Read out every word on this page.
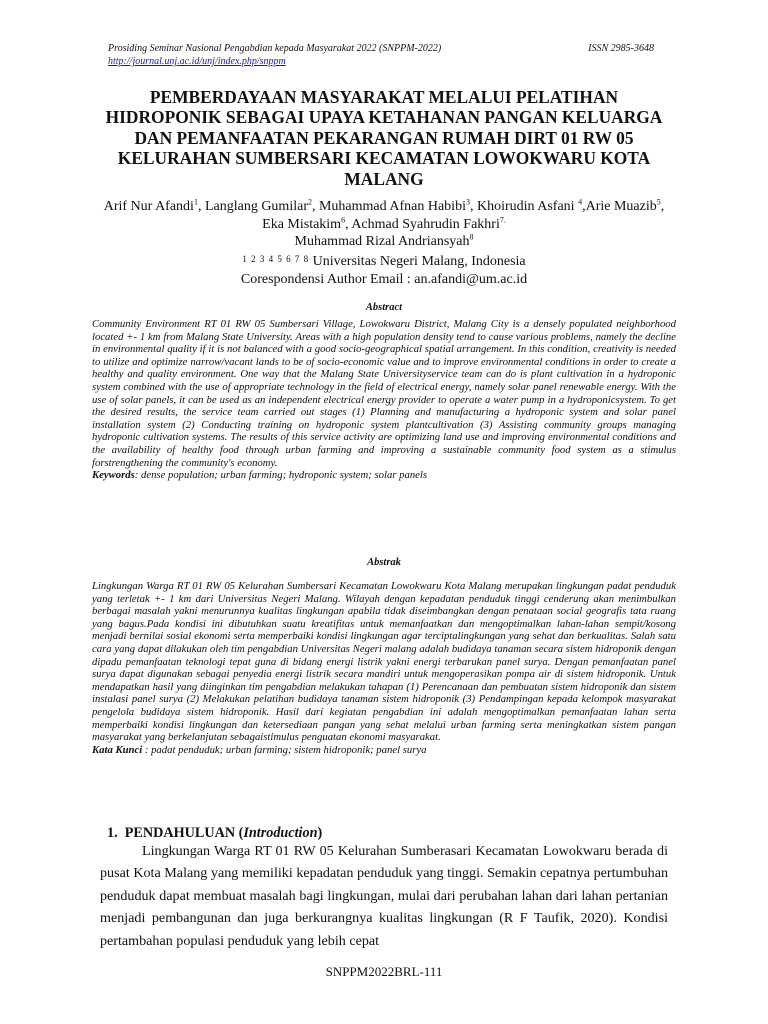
Prosiding Seminar Nasional Pengabdian kepada Masyarakat 2022 (SNPPM-2022)	ISSN 2985-3648
http://journal.unj.ac.id/unj/index.php/snppm
PEMBERDAYAAN MASYARAKAT MELALUI PELATIHAN HIDROPONIK SEBAGAI UPAYA KETAHANAN PANGAN KELUARGA DAN PEMANFAATAN PEKARANGAN RUMAH DIRT 01 RW 05 KELURAHAN SUMBERSARI KECAMATAN LOWOKWARU KOTA MALANG
Arif Nur Afandi$^1$, Langlang Gumilar$^2$, Muhammad Afnan Habibi$^3$, Khoirudin Asfani $^4$,Arie Muazib$^5$, Eka Mistakim$^6$, Achmad Syahrudin Fakhri$^{7.}$
Muhammad Rizal Andriansyah$^8$
$^{1 2 3 4 5 6 7 8}$ Universitas Negeri Malang, Indonesia
Corespondensi Author Email : an.afandi@um.ac.id
Abstract

Community Environment RT 01 RW 05 Sumbersari Village, Lowokwaru District, Malang City is a densely populated neighborhood located +- 1 km from Malang State University. Areas with a high population density tend to cause various problems, namely the decline in environmental quality if it is not balanced with a good socio-geographical spatial arrangement. In this condition, creativity is needed to utilize and optimize narrow/vacant lands to be of socio-economic value and to improve environmental conditions in order to create a healthy and quality environment. One way that the Malang State Universityservice team can do is plant cultivation in a hydroponic system combined with the use of appropriate technology in the field of electrical energy, namely solar panel renewable energy. With the use of solar panels, it can be used as an independent electrical energy provider to operate a water pump in a hydroponicsystem. To get the desired results, the service team carried out stages (1) Planning and manufacturing a hydroponic system and solar panel installation system (2) Conducting training on hydroponic system plantcultivation (3) Assisting community groups managing hydroponic cultivation systems. The results of this service activity are optimizing land use and improving environmental conditions and the availability of healthy food through urban farming and improving a sustainable community food system as a stimulus forstrengthening the community's economy.
Keywords: dense population; urban farming; hydroponic system; solar panels

Abstrak

Lingkungan Warga RT 01 RW 05 Kelurahan Sumbersari Kecamatan Lowokwaru Kota Malang merupakan lingkungan padat penduduk yang terletak +- 1 km dari Universitas Negeri Malang. Wilayah dengan kepadatan penduduk tinggi cenderung akan menimbulkan berbagai masalah yakni menurunnya kualitas lingkungan apabila tidak diseimbangkan dengan penataan social geografis tata ruang yang bagus.Pada kondisi ini dibutuhkan suatu kreatifitas untuk memanfaatkan dan mengoptimalkan lahan-lahan sempit/kosong menjadi bernilai sosial ekonomi serta memperbaiki kondisi lingkungan agar terciptalingkungan yang sehat dan berkualitas. Salah satu cara yang dapat dilakukan oleh tim pengabdian Universitas Negeri malang adalah budidaya tanaman secara sistem hidroponik dengan dipadu pemanfaatan teknologi tepat guna di bidang energi listrik yakni energi terbarukan panel surya. Dengan pemanfaatan panel surya dapat digunakan sebagai penyedia energi listrik secara mandiri untuk mengoperasikan pompa air di sistem hidroponik. Untuk mendapatkan hasil yang diinginkan tim pengabdian melakukan tahapan (1) Perencanaan dan pembuatan sistem hidroponik dan sistem instalasi panel surya (2) Melakukan pelatihan budidaya tanaman sistem hidroponik (3) Pendampingan kepada kelompok masyarakat pengelola budidaya sistem hidroponik. Hasil dari kegiatan pengabdian ini adalah mengoptimalkan pemanfaatan lahan serta memperbaiki kondisi lingkungan dan ketersediaan pangan yang sehat melalui urban farming serta meningkatkan sistem pangan masyarakat yang berkelanjutan sebagaistimulus penguatan ekonomi masyarakat.
Kata Kunci : padat penduduk; urban farming; sistem hidroponik; panel surya

1. PENDAHULUAN (Introduction)

Lingkungan Warga RT 01 RW 05 Kelurahan Sumberasari Kecamatan Lowokwaru berada di pusat Kota Malang yang memiliki kepadatan penduduk yang tinggi. Semakin cepatnya pertumbuhan penduduk dapat membuat masalah bagi lingkungan, mulai dari perubahan lahan dari lahan pertanian menjadi pembangunan dan juga berkurangnya kualitas lingkungan (R F Taufik, 2020). Kondisi pertambahan populasi penduduk yang lebih cepat

SNPPM2022BRL-111
